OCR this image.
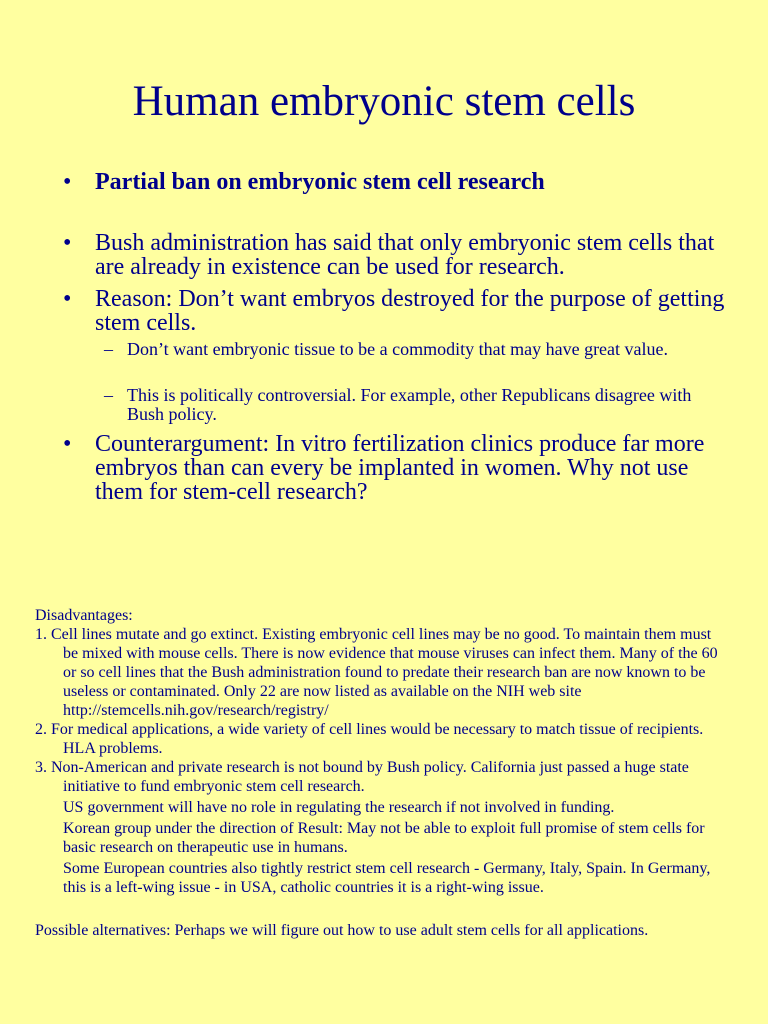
Human embryonic stem cells
• Partial ban on embryonic stem cell research
• Bush administration has said that only embryonic stem cells that are already in existence can be used for research.
• Reason: Don’t want embryos destroyed for the purpose of getting stem cells.
– Don’t want embryonic tissue to be a commodity that may have great value.
– This is politically controversial. For example, other Republicans disagree with Bush policy.
• Counterargument: In vitro fertilization clinics produce far more embryos than can every be implanted in women. Why not use them for stem-cell research?

Disadvantages:

1. Cell lines mutate and go extinct. Existing embryonic cell lines may be no good. To maintain them must be mixed with mouse cells. There is now evidence that mouse viruses can infect them. Many of the 60 or so cell lines that the Bush administration found to predate their research ban are now known to be useless or contaminated. Only 22 are now listed as available on the NIH web site http://stemcells.nih.gov/research/registry/

2. For medical applications, a wide variety of cell lines would be necessary to match tissue of recipients. HLA problems.

3. Non-American and private research is not bound by Bush policy. California just passed a huge state initiative to fund embryonic stem cell research.

US government will have no role in regulating the research if not involved in funding.

Korean group under the direction of Result: May not be able to exploit full promise of stem cells for basic research on therapeutic use in humans.

Some European countries also tightly restrict stem cell research - Germany, Italy, Spain. In Germany, this is a left-wing issue - in USA, catholic countries it is a right-wing issue.

Possible alternatives: Perhaps we will figure out how to use adult stem cells for all applications.
